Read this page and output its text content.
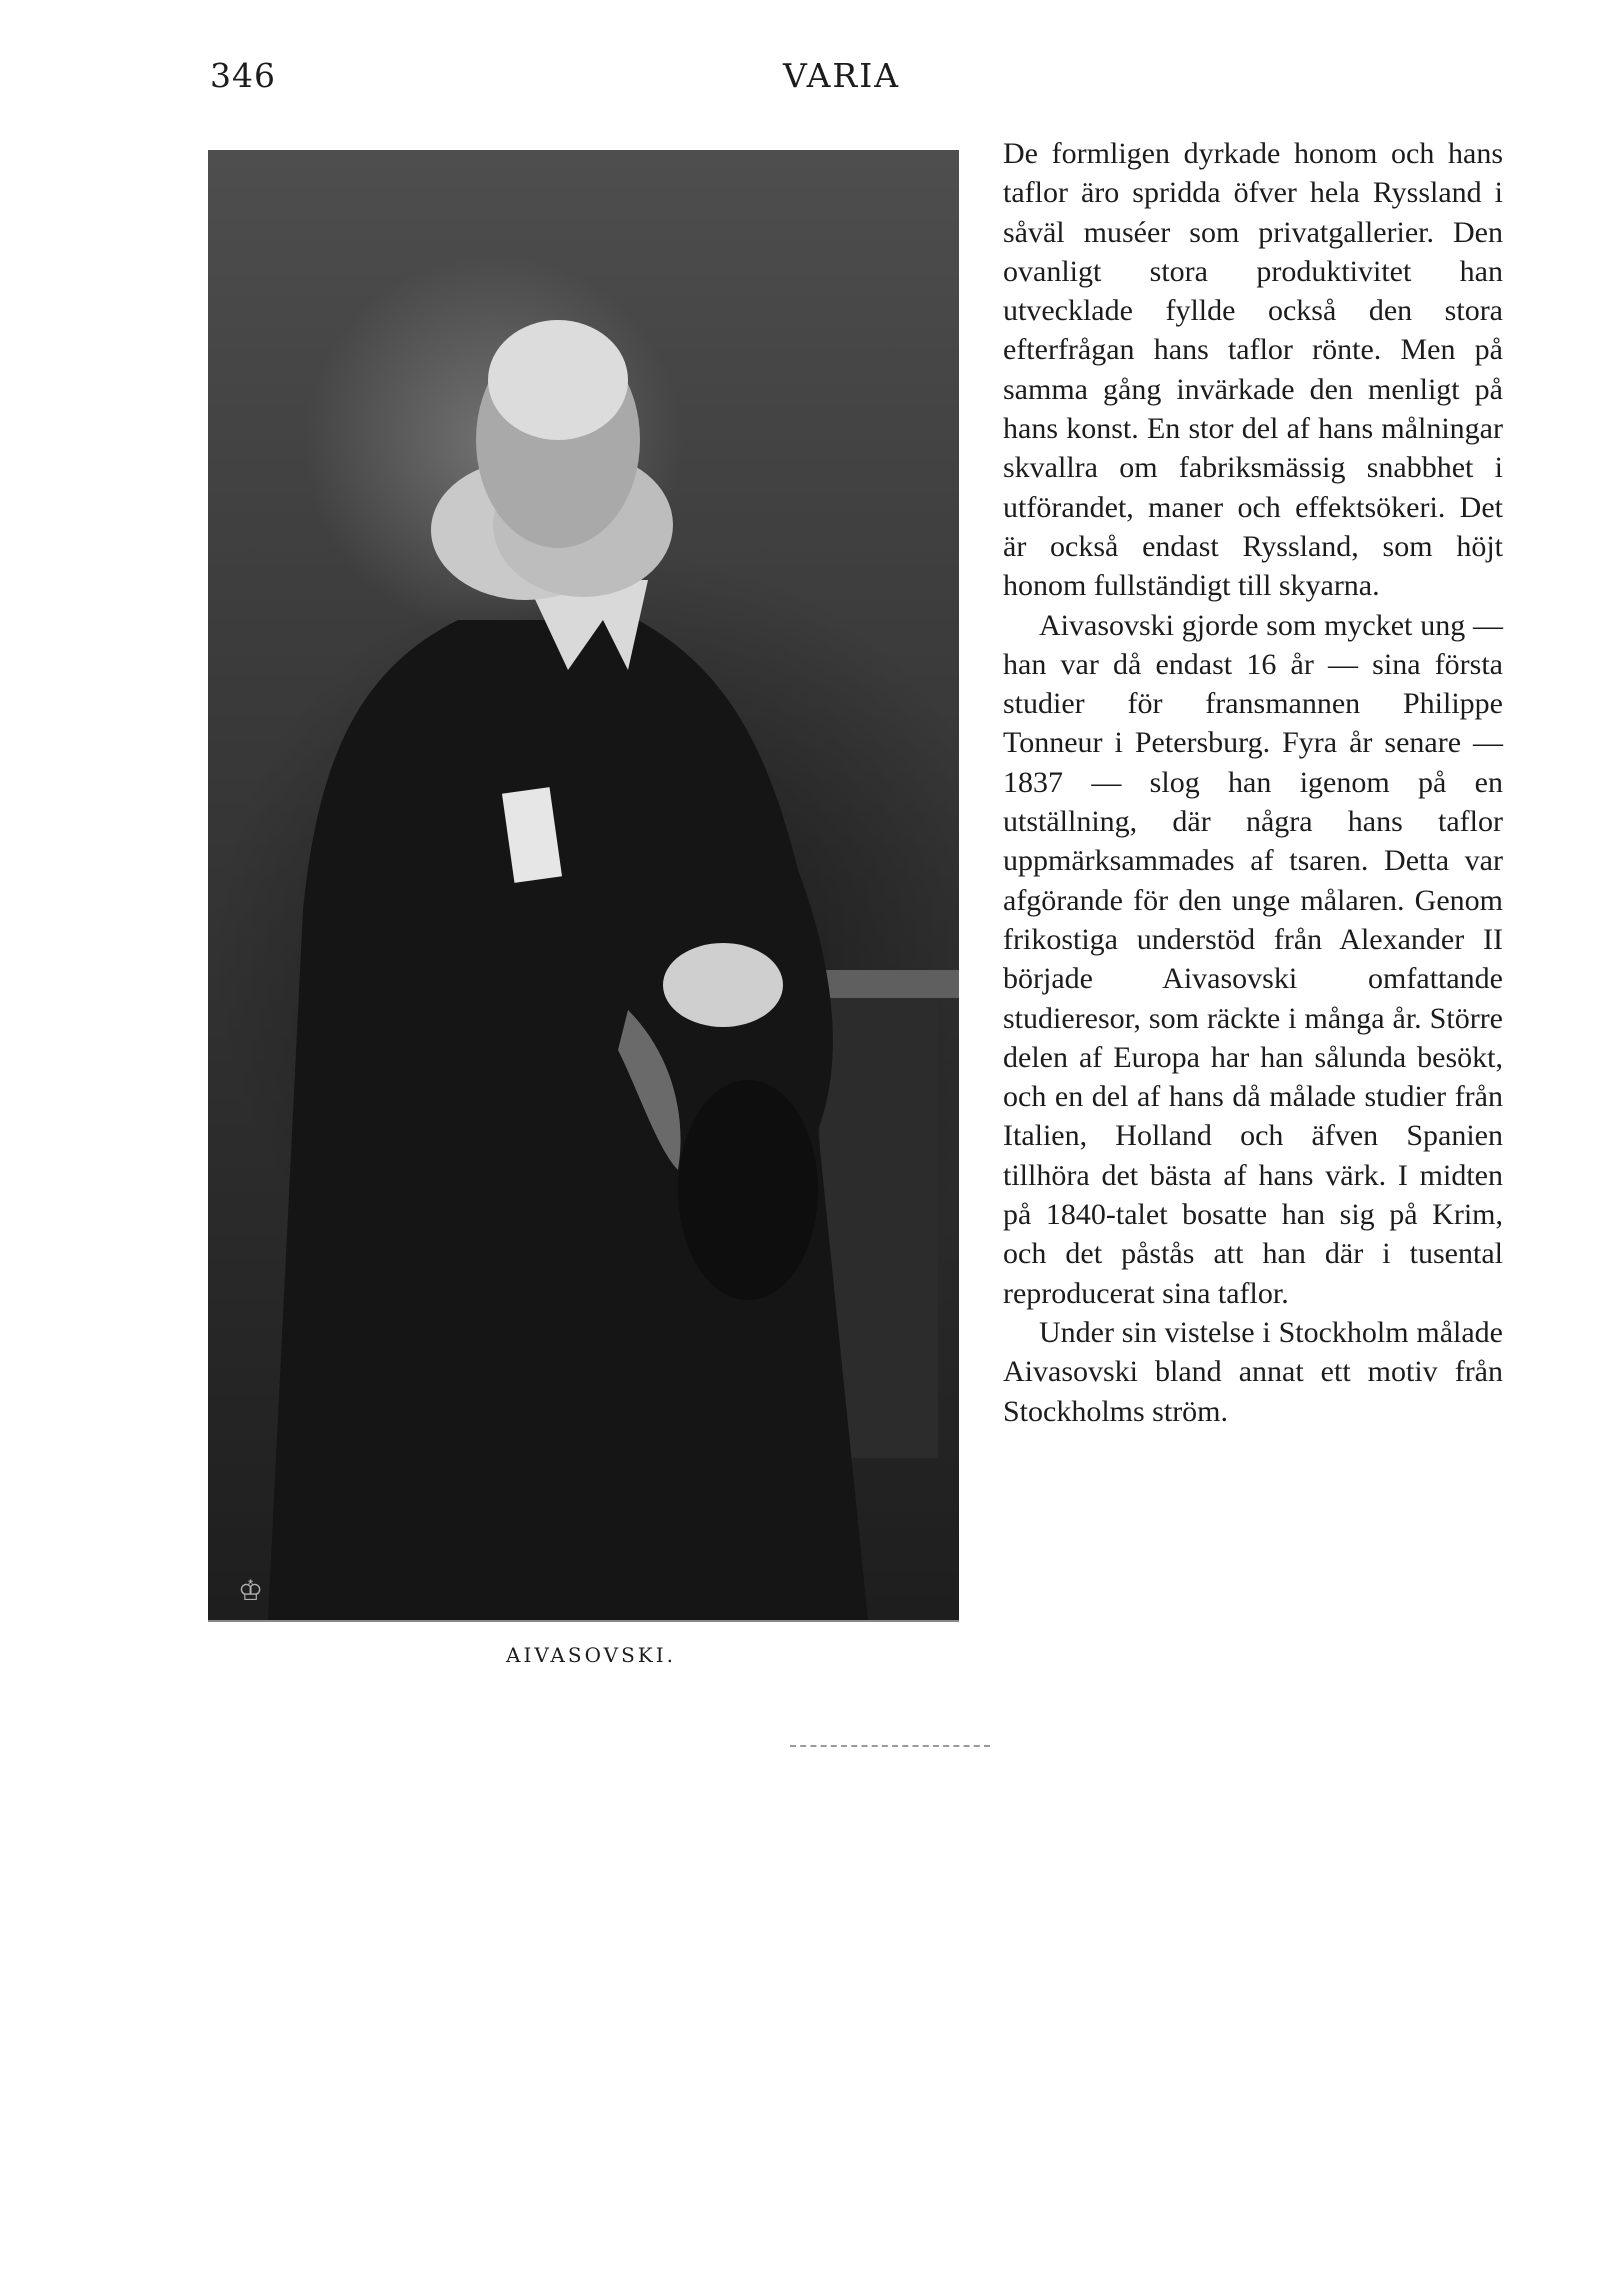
346	VARIA
♔
AIVASOVSKI.

De formligen dyrkade honom och hans taflor äro spridda öfver hela Ryssland i såväl muséer som privatgallerier. Den ovanligt stora produktivitet han utvecklade fyllde också den stora efterfrågan hans taflor rönte. Men på samma gång invärkade den menligt på hans konst. En stor del af hans målningar skvallra om fabriksmässig snabbhet i utförandet, maner och effektsökeri. Det är också endast Ryssland, som höjt honom fullständigt till skyarna.

Aivasovski gjorde som mycket ung — han var då endast 16 år — sina första studier för fransmannen Philippe Tonneur i Petersburg. Fyra år senare — 1837 — slog han igenom på en utställning, där några hans taflor uppmärksammades af tsaren. Detta var afgörande för den unge målaren. Genom frikostiga understöd från Alexander II började Aivasovski omfattande studieresor, som räckte i många år. Större delen af Europa har han sålunda besökt, och en del af hans då målade studier från Italien, Holland och äfven Spanien tillhöra det bästa af hans värk. I midten på 1840-talet bosatte han sig på Krim, och det påstås att han där i tusental reproducerat sina taflor.

Under sin vistelse i Stockholm målade Aivasovski bland annat ett motiv från Stockholms ström.
